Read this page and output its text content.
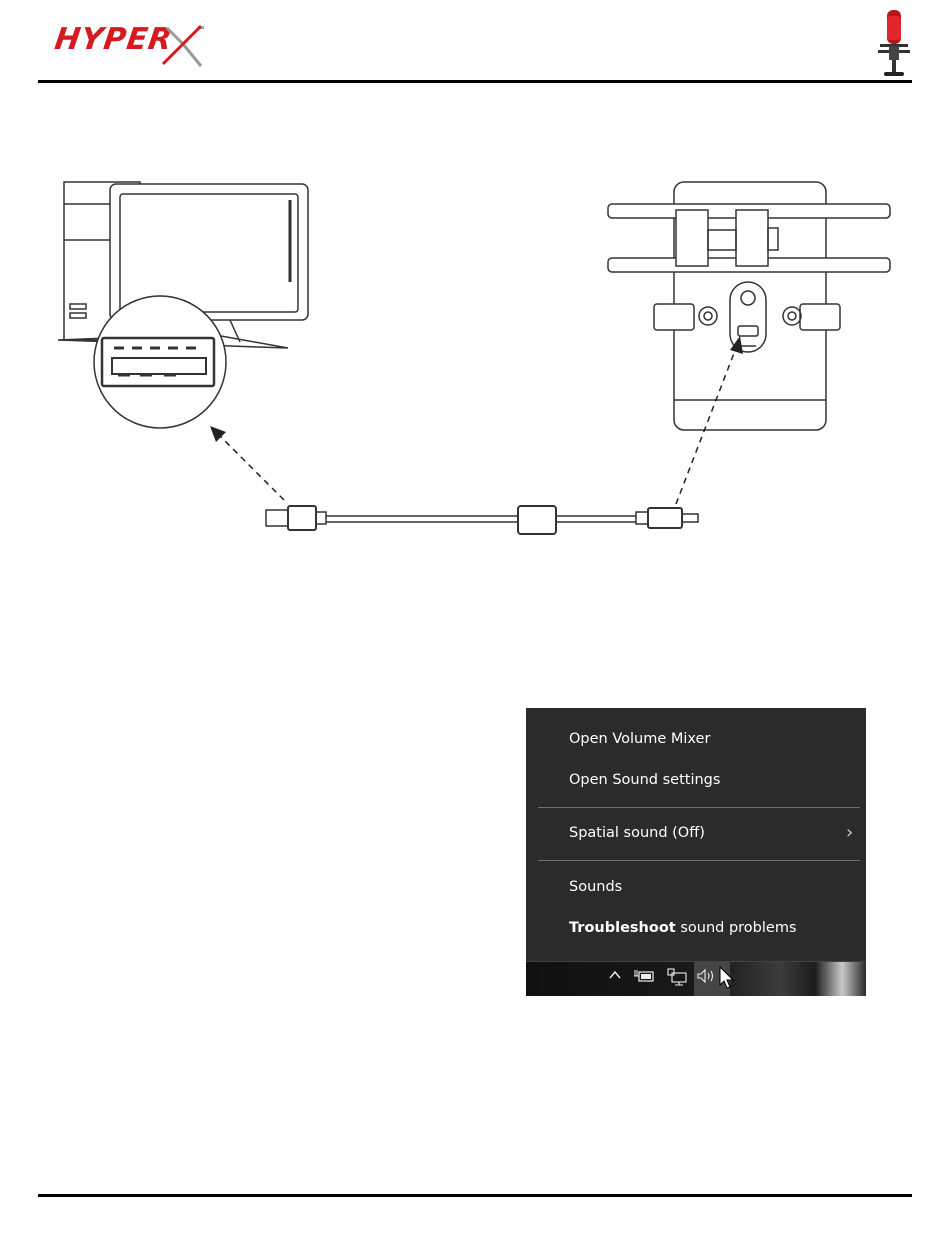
HYPER	™
Open Volume Mixer
Open Sound settings
Spatial sound (Off)	›
Sounds
Troubleshoot sound problems
